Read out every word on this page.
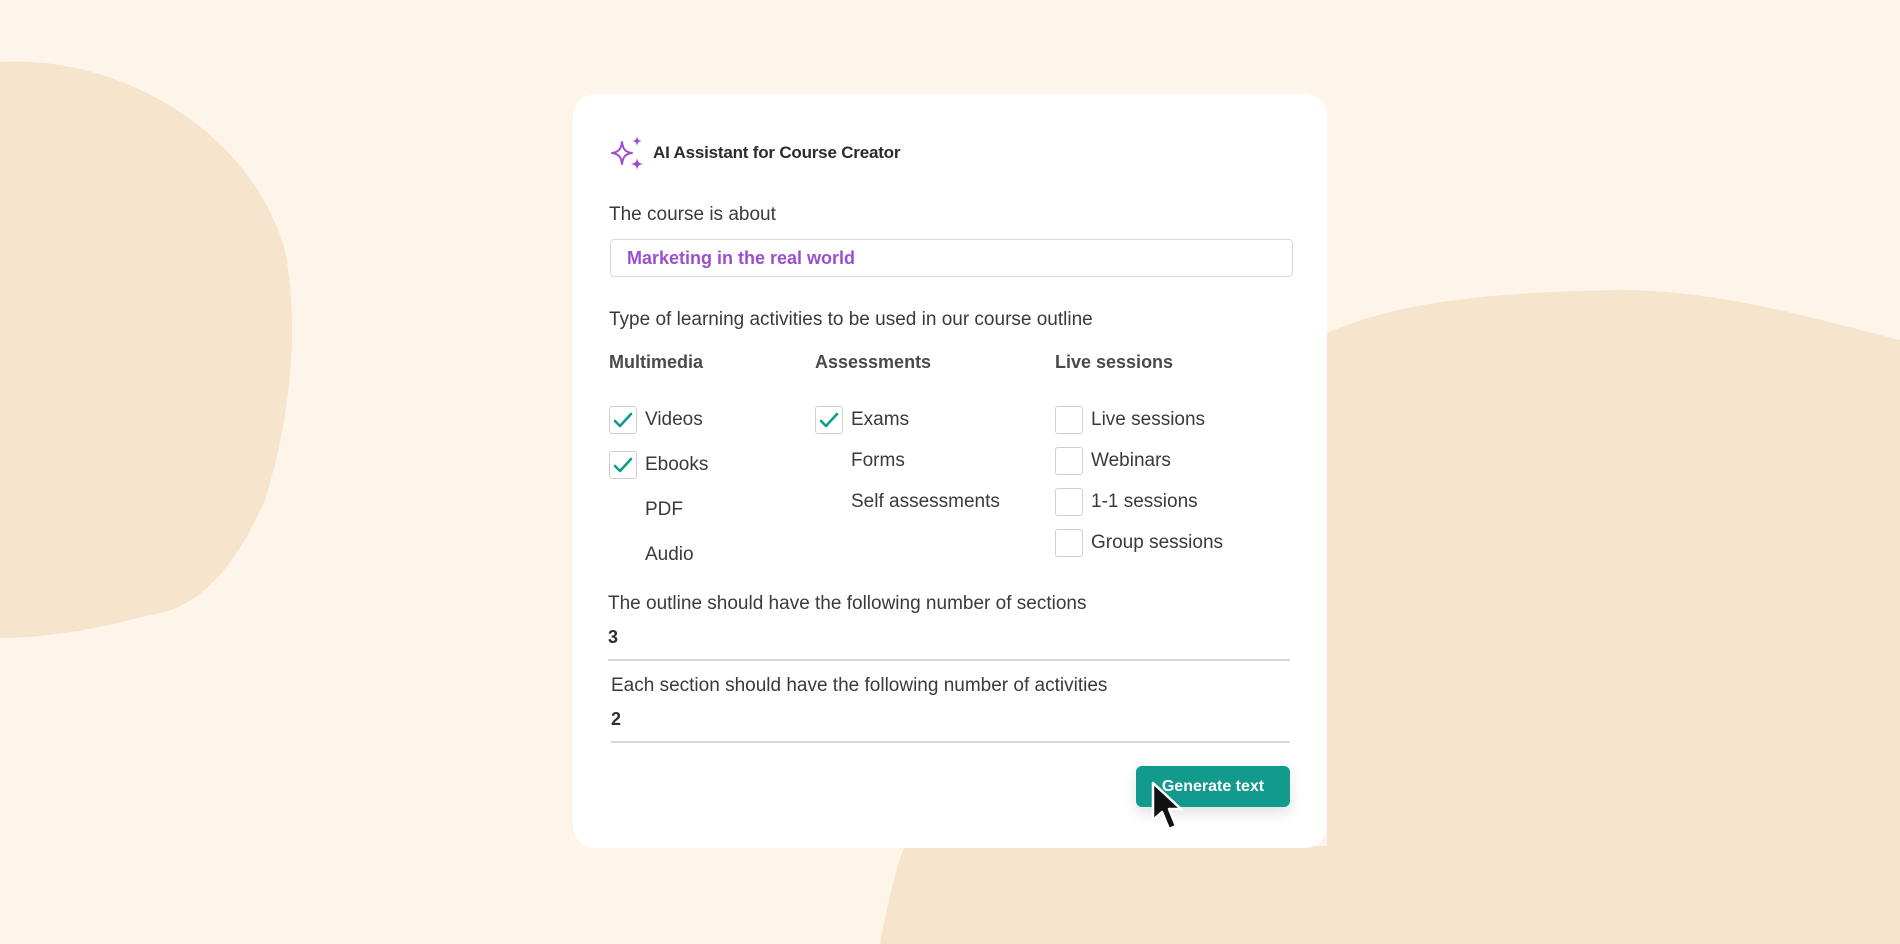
AI Assistant for Course Creator
The course is about
Marketing in the real world
Type of learning activities to be used in our course outline
Multimedia
Videos
Ebooks
PDF
Audio
Assessments
Exams
Forms
Self assessments
Live sessions
Live sessions
Webinars
1-1 sessions
Group sessions
The outline should have the following number of sections
3
Each section should have the following number of activities
2
Generate text
